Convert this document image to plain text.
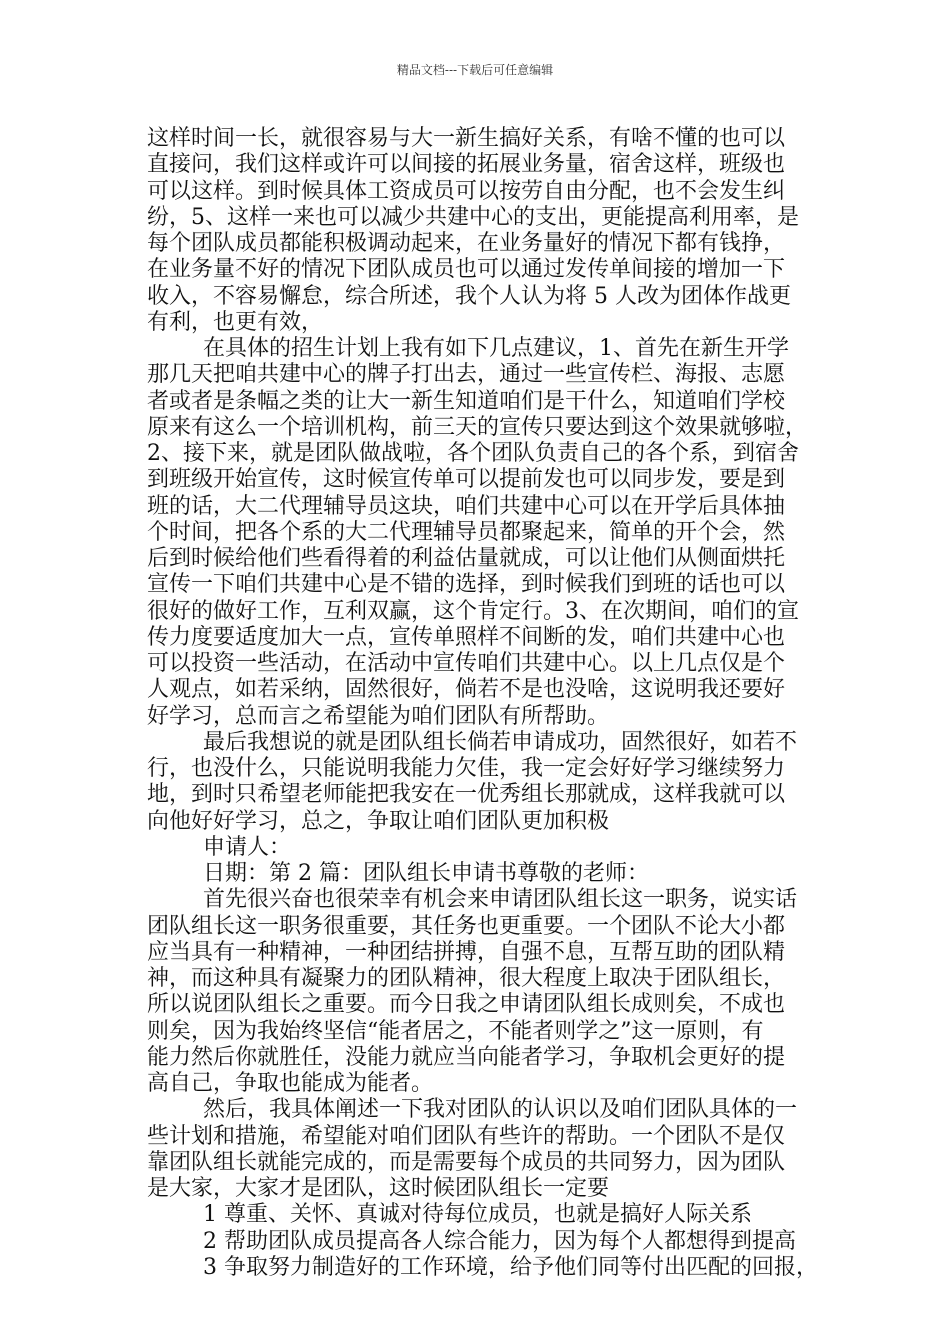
精品文档---下载后可任意编辑
这样时间一长，就很容易与大一新生搞好关系，有啥不懂的也可以
直接问，我们这样或许可以间接的拓展业务量，宿舍这样，班级也
可以这样。到时候具体工资成员可以按劳自由分配，也不会发生纠
纷，5、这样一来也可以减少共建中心的支出，更能提高利用率，是
每个团队成员都能积极调动起来，在业务量好的情况下都有钱挣，
在业务量不好的情况下团队成员也可以通过发传单间接的增加一下
收入，不容易懈怠，综合所述，我个人认为将 5 人改为团体作战更
有利，也更有效，
在具体的招生计划上我有如下几点建议，1、首先在新生开学
那几天把咱共建中心的牌子打出去，通过一些宣传栏、海报、志愿
者或者是条幅之类的让大一新生知道咱们是干什么，知道咱们学校
原来有这么一个培训机构，前三天的宣传只要达到这个效果就够啦，
2、接下来，就是团队做战啦，各个团队负责自己的各个系，到宿舍
到班级开始宣传，这时候宣传单可以提前发也可以同步发，要是到
班的话，大二代理辅导员这块，咱们共建中心可以在开学后具体抽
个时间，把各个系的大二代理辅导员都聚起来，简单的开个会，然
后到时候给他们些看得着的利益估量就成，可以让他们从侧面烘托
宣传一下咱们共建中心是不错的选择，到时候我们到班的话也可以
很好的做好工作，互利双赢，这个肯定行。3、在次期间，咱们的宣
传力度要适度加大一点，宣传单照样不间断的发，咱们共建中心也
可以投资一些活动，在活动中宣传咱们共建中心。以上几点仅是个
人观点，如若采纳，固然很好，倘若不是也没啥，这说明我还要好
好学习，总而言之希望能为咱们团队有所帮助。
最后我想说的就是团队组长倘若申请成功，固然很好，如若不
行，也没什么，只能说明我能力欠佳，我一定会好好学习继续努力
地，到时只希望老师能把我安在一优秀组长那就成，这样我就可以
向他好好学习，总之，争取让咱们团队更加积极
申请人：
日期：第 2 篇：团队组长申请书尊敬的老师：
首先很兴奋也很荣幸有机会来申请团队组长这一职务，说实话
团队组长这一职务很重要，其任务也更重要。一个团队不论大小都
应当具有一种精神，一种团结拼搏，自强不息，互帮互助的团队精
神，而这种具有凝聚力的团队精神，很大程度上取决于团队组长，
所以说团队组长之重要。而今日我之申请团队组长成则矣，不成也
则矣，因为我始终坚信“能者居之，不能者则学之”这一原则，有
能力然后你就胜任，没能力就应当向能者学习，争取机会更好的提
高自己，争取也能成为能者。
然后，我具体阐述一下我对团队的认识以及咱们团队具体的一
些计划和措施，希望能对咱们团队有些许的帮助。一个团队不是仅
靠团队组长就能完成的，而是需要每个成员的共同努力，因为团队
是大家，大家才是团队，这时候团队组长一定要
1 尊重、关怀、真诚对待每位成员，也就是搞好人际关系
2 帮助团队成员提高各人综合能力，因为每个人都想得到提高
3 争取努力制造好的工作环境，给予他们同等付出匹配的回报，
